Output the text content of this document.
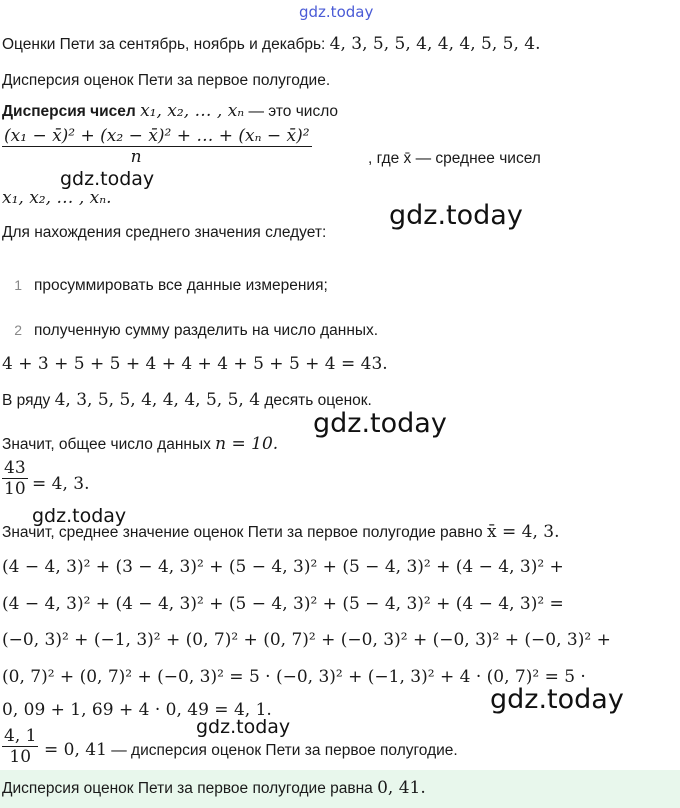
gdz.today
gdz.today
gdz.today
gdz.today
gdz.today
gdz.today
gdz.today
Оценки Пети за сентябрь, ноябрь и декабрь: 4, 3, 5, 5, 4, 4, 4, 5, 5, 4.
Дисперсия оценок Пети за первое полугодие.
Дисперсия чисел x₁, x₂, … , xₙ — это число
$\frac{\text{(x₁ − x̄)² + (x₂ − x̄)² + … + (xₙ − x̄)²}}{n}$	, где x̄ — среднее чисел
x₁, x₂, … , xₙ.
Для нахождения среднего значения следует:
1 просуммировать все данные измерения;
2 полученную сумму разделить на число данных.
4 + 3 + 5 + 5 + 4 + 4 + 4 + 5 + 5 + 4 = 43.
В ряду 4, 3, 5, 5, 4, 4, 4, 5, 5, 4 десять оценок.
Значит, общее число данных n = 10.
$\frac{43}{10} = 4$, 3.
Значит, среднее значение оценок Пети за первое полугодие равно x̄ = 4, 3.
(4 − 4, 3)² + (3 − 4, 3)² + (5 − 4, 3)² + (5 − 4, 3)² + (4 − 4, 3)² +
(4 − 4, 3)² + (4 − 4, 3)² + (5 − 4, 3)² + (5 − 4, 3)² + (4 − 4, 3)² =
(−0, 3)² + (−1, 3)² + (0, 7)² + (0, 7)² + (−0, 3)² + (−0, 3)² + (−0, 3)² +
(0, 7)² + (0, 7)² + (−0, 3)² = 5 · (−0, 3)² + (−1, 3)² + 4 · (0, 7)² = 5 ·
0, 09 + 1, 69 + 4 · 0, 49 = 4, 1.
$\frac{4, 1}{10} = 0$, 41 — дисперсия оценок Пети за первое полугодие.
Дисперсия оценок Пети за первое полугодие равна 0, 41.
